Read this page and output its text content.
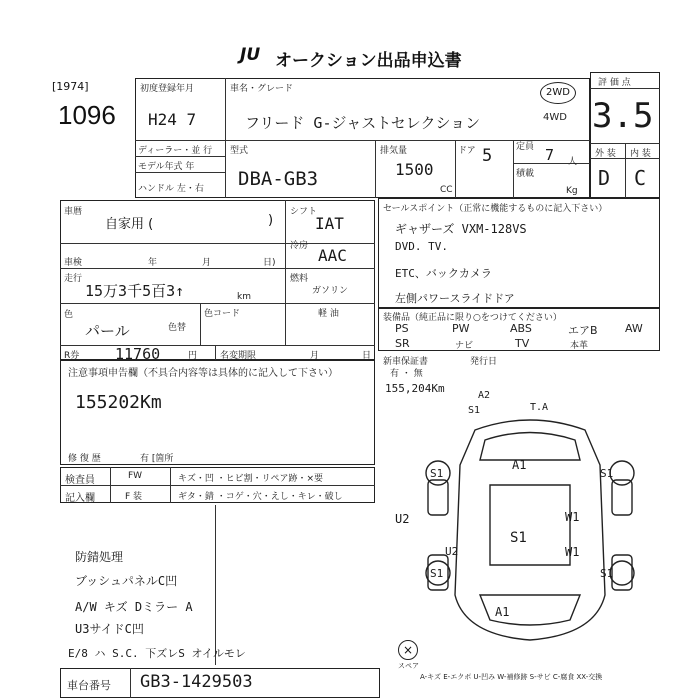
JU オークション出品申込書
[1974]
1096
初度登録年月
H24 7
車名・グレード
フリード G-ジャストセレクション
2WD
4WD
ディーラー・並 行
モデル年式 年
ハンドル 左・右
型式
DBA-GB3
排気量
1500
CC
ドア 5	定員 7 人
積載
Kg
評 価 点
3.5
外 装 内 装
D C
車暦
自家用 (	)
車検	年	月	日)
走行
15万3千5百3↑	km
色
パール	色替
色コード
R券 11760	円	名変期限	月	日
シフト
IAT
冷房 AAC
燃料
ガソリン
軽 油
セールスポイント（正常に機能するものに記入下さい）
ギャザーズ VXM-128VS
DVD. TV.
ETC、バックカメラ
左側パワースライドドア
装備品（純正品に限り○をつけてください）
PS	PW	ABS	エアB AW
SR	ナビ	TV	本革
新車保証書
有 ・ 無
発行日
注意事項申告欄（不具合内容等は具体的に記入して下さい）
155202Km
修 復 歴	有 [箇所
検査員
記入欄
FW	キズ・凹 ・ヒビ割・リペア跡・×要
F 装	ギタ・錆 ・コゲ・穴・えし・キレ・破し
防錆処理
ブッシュパネルC凹
A/W キズ Dミラー A
U3サイドC凹
E/8 ハ S.C. 下ズレS オイルモレ
155,204Km
A2
S1	T.A
A1
U2	W1
U2	W1
S1
A1
S1	S1
S1	S1
×
スペア
A-キズ E-エクボ U-凹み W-補修跡 S-サビ C-腐食 XX-交換
車台番号 GB3-1429503
